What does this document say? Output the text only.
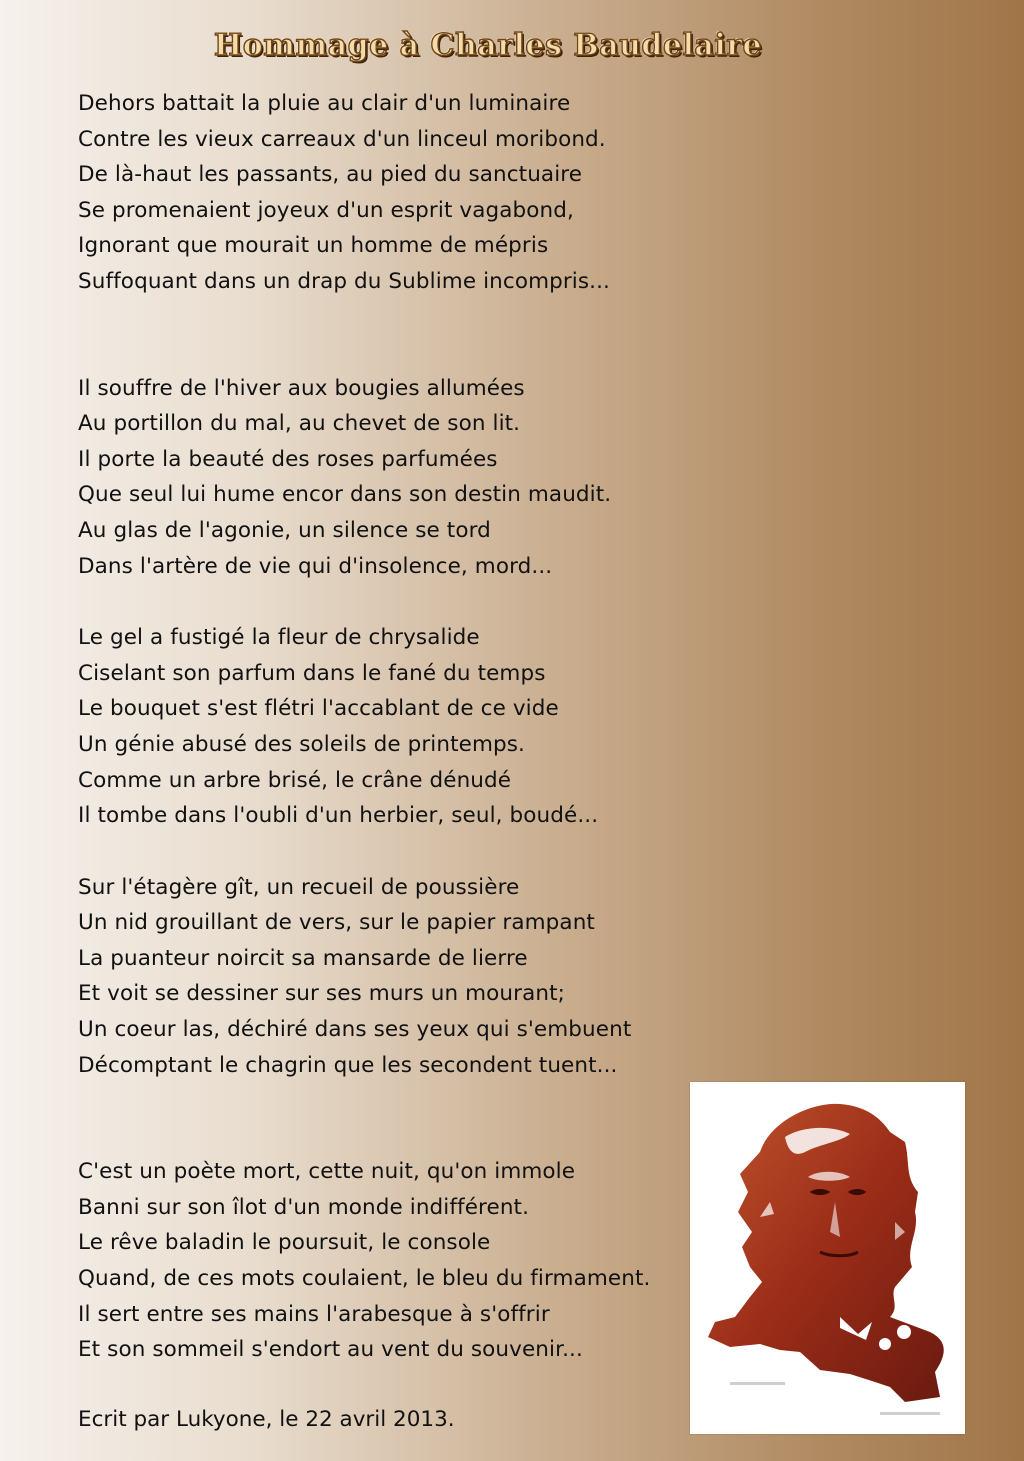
Hommage à Charles Baudelaire
Dehors battait la pluie au clair d'un luminaire
Contre les vieux carreaux d'un linceul moribond.
De là-haut les passants, au pied du sanctuaire
Se promenaient joyeux d'un esprit vagabond,
Ignorant que mourait un homme de mépris
Suffoquant dans un drap du Sublime incompris...
Il souffre de l'hiver aux bougies allumées
Au portillon du mal, au chevet de son lit.
Il porte la beauté des roses parfumées
Que seul lui hume encor dans son destin maudit.
Au glas de l'agonie, un silence se tord
Dans l'artère de vie qui d'insolence, mord...
Le gel a fustigé la fleur de chrysalide
Ciselant son parfum dans le fané du temps
Le bouquet s'est flétri l'accablant de ce vide
Un génie abusé des soleils de printemps.
Comme un arbre brisé, le crâne dénudé
Il tombe dans l'oubli d'un herbier, seul, boudé...
Sur l'étagère gît, un recueil de poussière
Un nid grouillant de vers, sur le papier rampant
La puanteur noircit sa mansarde de lierre
Et voit se dessiner sur ses murs un mourant;
Un coeur las, déchiré dans ses yeux qui s'embuent
Décomptant le chagrin que les secondent tuent...
C'est un poète mort, cette nuit, qu'on immole
Banni sur son îlot d'un monde indifférent.
Le rêve baladin le poursuit, le console
Quand, de ces mots coulaient, le bleu du firmament.
Il sert entre ses mains l'arabesque à s'offrir
Et son sommeil s'endort au vent du souvenir...
Ecrit par Lukyone, le 22 avril 2013.
